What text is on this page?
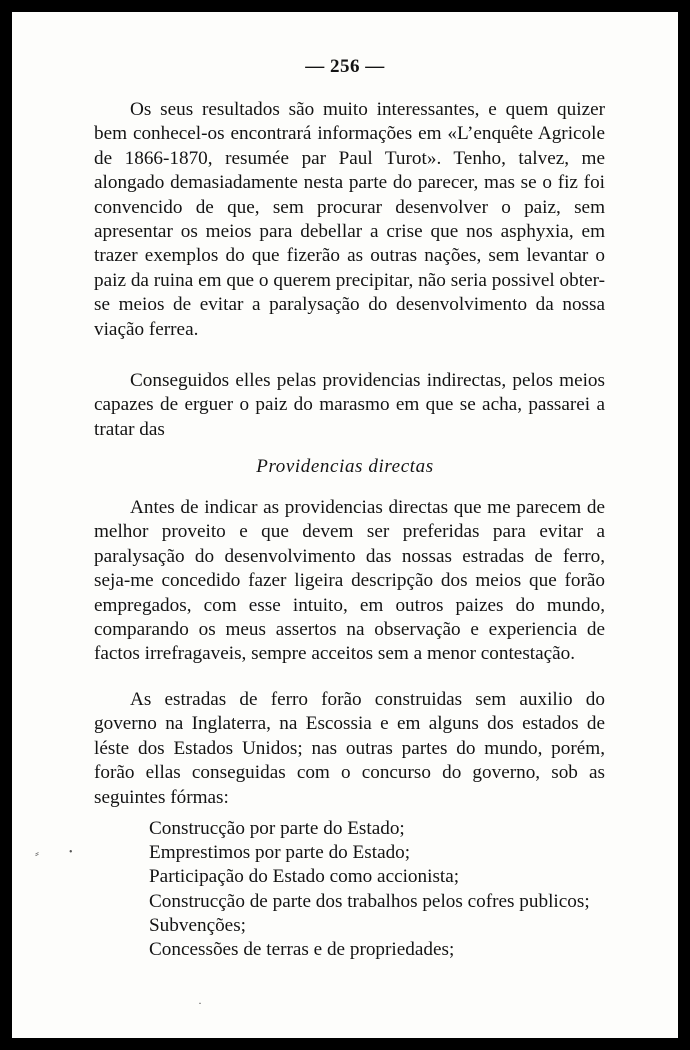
— 256 —

Os seus resultados são muito interessantes, e quem quizer bem conhecel-os encontrará informações em «L’enquête Agricole de 1866-1870, resumée par Paul Turot». Tenho, talvez, me alongado demasiadamente nesta parte do parecer, mas se o fiz foi convencido de que, sem procurar desenvolver o paiz, sem apresentar os meios para debellar a crise que nos asphyxia, em trazer exemplos do que fizerão as outras nações, sem levantar o paiz da ruina em que o querem precipitar, não seria possivel obter-se meios de evitar a paralysação do desenvolvimento da nossa viação ferrea.

Conseguidos elles pelas providencias indirectas, pelos meios capazes de erguer o paiz do marasmo em que se acha, passarei a tratar das

Providencias directas

Antes de indicar as providencias directas que me parecem de melhor proveito e que devem ser preferidas para evitar a paralysação do desenvolvimento das nossas estradas de ferro, seja-me concedido fazer ligeira descripção dos meios que forão empregados, com esse intuito, em outros paizes do mundo, comparando os meus assertos na observação e experiencia de factos irrefragaveis, sempre acceitos sem a menor contestação.

As estradas de ferro forão construidas sem auxilio do governo na Inglaterra, na Escossia e em alguns dos estados de léste dos Estados Unidos; nas outras partes do mundo, porém, forão ellas conseguidas com o concurso do governo, sob as seguintes fórmas:

Construcção por parte do Estado;
Emprestimos por parte do Estado;
Participação do Estado como accionista;
Construcção de parte dos trabalhos pelos cofres publicos;
Subvenções;
Concessões de terras e de propriedades;
⸗	•
·
